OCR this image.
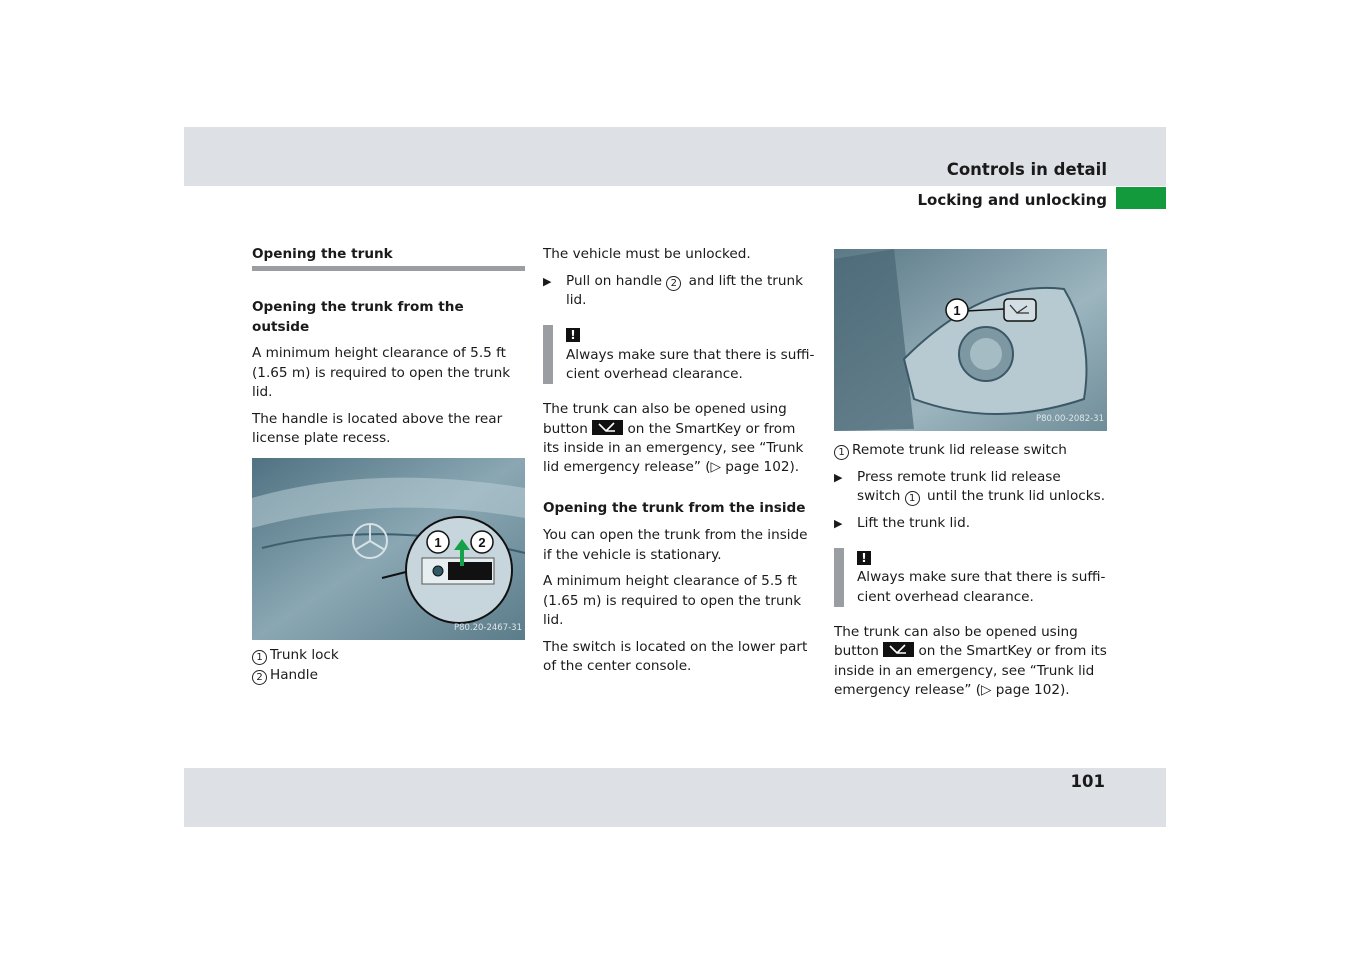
Controls in detail
Locking and unlocking
Opening the trunk
Opening the trunk from the outside

A minimum height clearance of 5.5 ft (1.65 m) is required to open the trunk lid.

The handle is located above the rear license plate recess.

1	2
P80.20-2467-31
1 Trunk lock
2 Handle

The vehicle must be unlocked.

▶ Pull on handle 2 and lift the trunk lid.
!
Always make sure that there is suffi-cient overhead clearance.

The trunk can also be opened using button
on the SmartKey or from its inside in an emergency, see “Trunk lid emergency release” (▷ page 102).

Opening the trunk from the inside

You can open the trunk from the inside if the vehicle is stationary.

A minimum height clearance of 5.5 ft (1.65 m) is required to open the trunk lid.

The switch is located on the lower part of the center console.

1
P80.00-2082-31

1 Remote trunk lid release switch

▶ Press remote trunk lid release switch 1 until the trunk lid unlocks.
▶ Lift the trunk lid.
!
Always make sure that there is suffi-cient overhead clearance.

The trunk can also be opened using button
on the SmartKey or from its inside in an emergency, see “Trunk lid emergency release” (▷ page 102).

101
